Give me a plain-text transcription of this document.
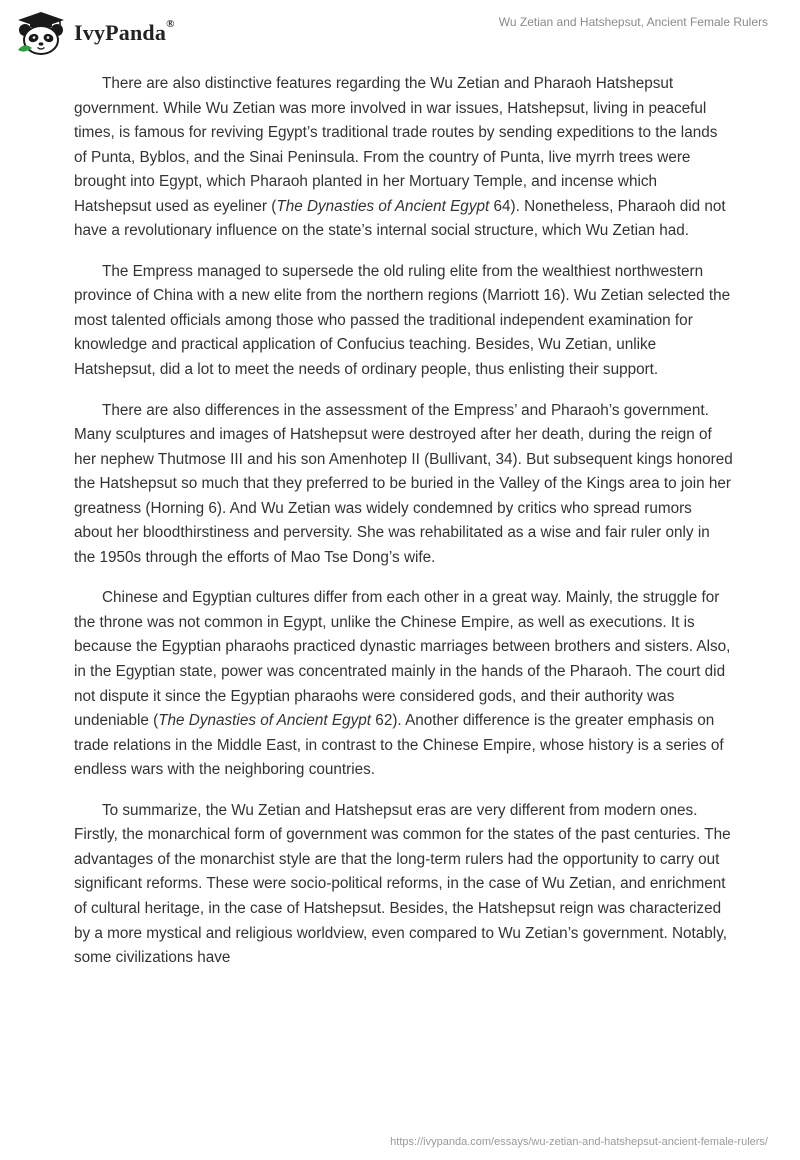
IvyPanda®	Wu Zetian and Hatshepsut, Ancient Female Rulers

There are also distinctive features regarding the Wu Zetian and Pharaoh Hatshepsut government. While Wu Zetian was more involved in war issues, Hatshepsut, living in peaceful times, is famous for reviving Egypt’s traditional trade routes by sending expeditions to the lands of Punta, Byblos, and the Sinai Peninsula. From the country of Punta, live myrrh trees were brought into Egypt, which Pharaoh planted in her Mortuary Temple, and incense which Hatshepsut used as eyeliner (The Dynasties of Ancient Egypt 64). Nonetheless, Pharaoh did not have a revolutionary influence on the state’s internal social structure, which Wu Zetian had.

The Empress managed to supersede the old ruling elite from the wealthiest northwestern province of China with a new elite from the northern regions (Marriott 16). Wu Zetian selected the most talented officials among those who passed the traditional independent examination for knowledge and practical application of Confucius teaching. Besides, Wu Zetian, unlike Hatshepsut, did a lot to meet the needs of ordinary people, thus enlisting their support.

There are also differences in the assessment of the Empress’ and Pharaoh’s government. Many sculptures and images of Hatshepsut were destroyed after her death, during the reign of her nephew Thutmose III and his son Amenhotep II (Bullivant, 34). But subsequent kings honored the Hatshepsut so much that they preferred to be buried in the Valley of the Kings area to join her greatness (Horning 6). And Wu Zetian was widely condemned by critics who spread rumors about her bloodthirstiness and perversity. She was rehabilitated as a wise and fair ruler only in the 1950s through the efforts of Mao Tse Dong’s wife.

Chinese and Egyptian cultures differ from each other in a great way. Mainly, the struggle for the throne was not common in Egypt, unlike the Chinese Empire, as well as executions. It is because the Egyptian pharaohs practiced dynastic marriages between brothers and sisters. Also, in the Egyptian state, power was concentrated mainly in the hands of the Pharaoh. The court did not dispute it since the Egyptian pharaohs were considered gods, and their authority was undeniable (The Dynasties of Ancient Egypt 62). Another difference is the greater emphasis on trade relations in the Middle East, in contrast to the Chinese Empire, whose history is a series of endless wars with the neighboring countries.

To summarize, the Wu Zetian and Hatshepsut eras are very different from modern ones. Firstly, the monarchical form of government was common for the states of the past centuries. The advantages of the monarchist style are that the long-term rulers had the opportunity to carry out significant reforms. These were socio-political reforms, in the case of Wu Zetian, and enrichment of cultural heritage, in the case of Hatshepsut. Besides, the Hatshepsut reign was characterized by a more mystical and religious worldview, even compared to Wu Zetian’s government. Notably, some civilizations have

https://ivypanda.com/essays/wu-zetian-and-hatshepsut-ancient-female-rulers/
